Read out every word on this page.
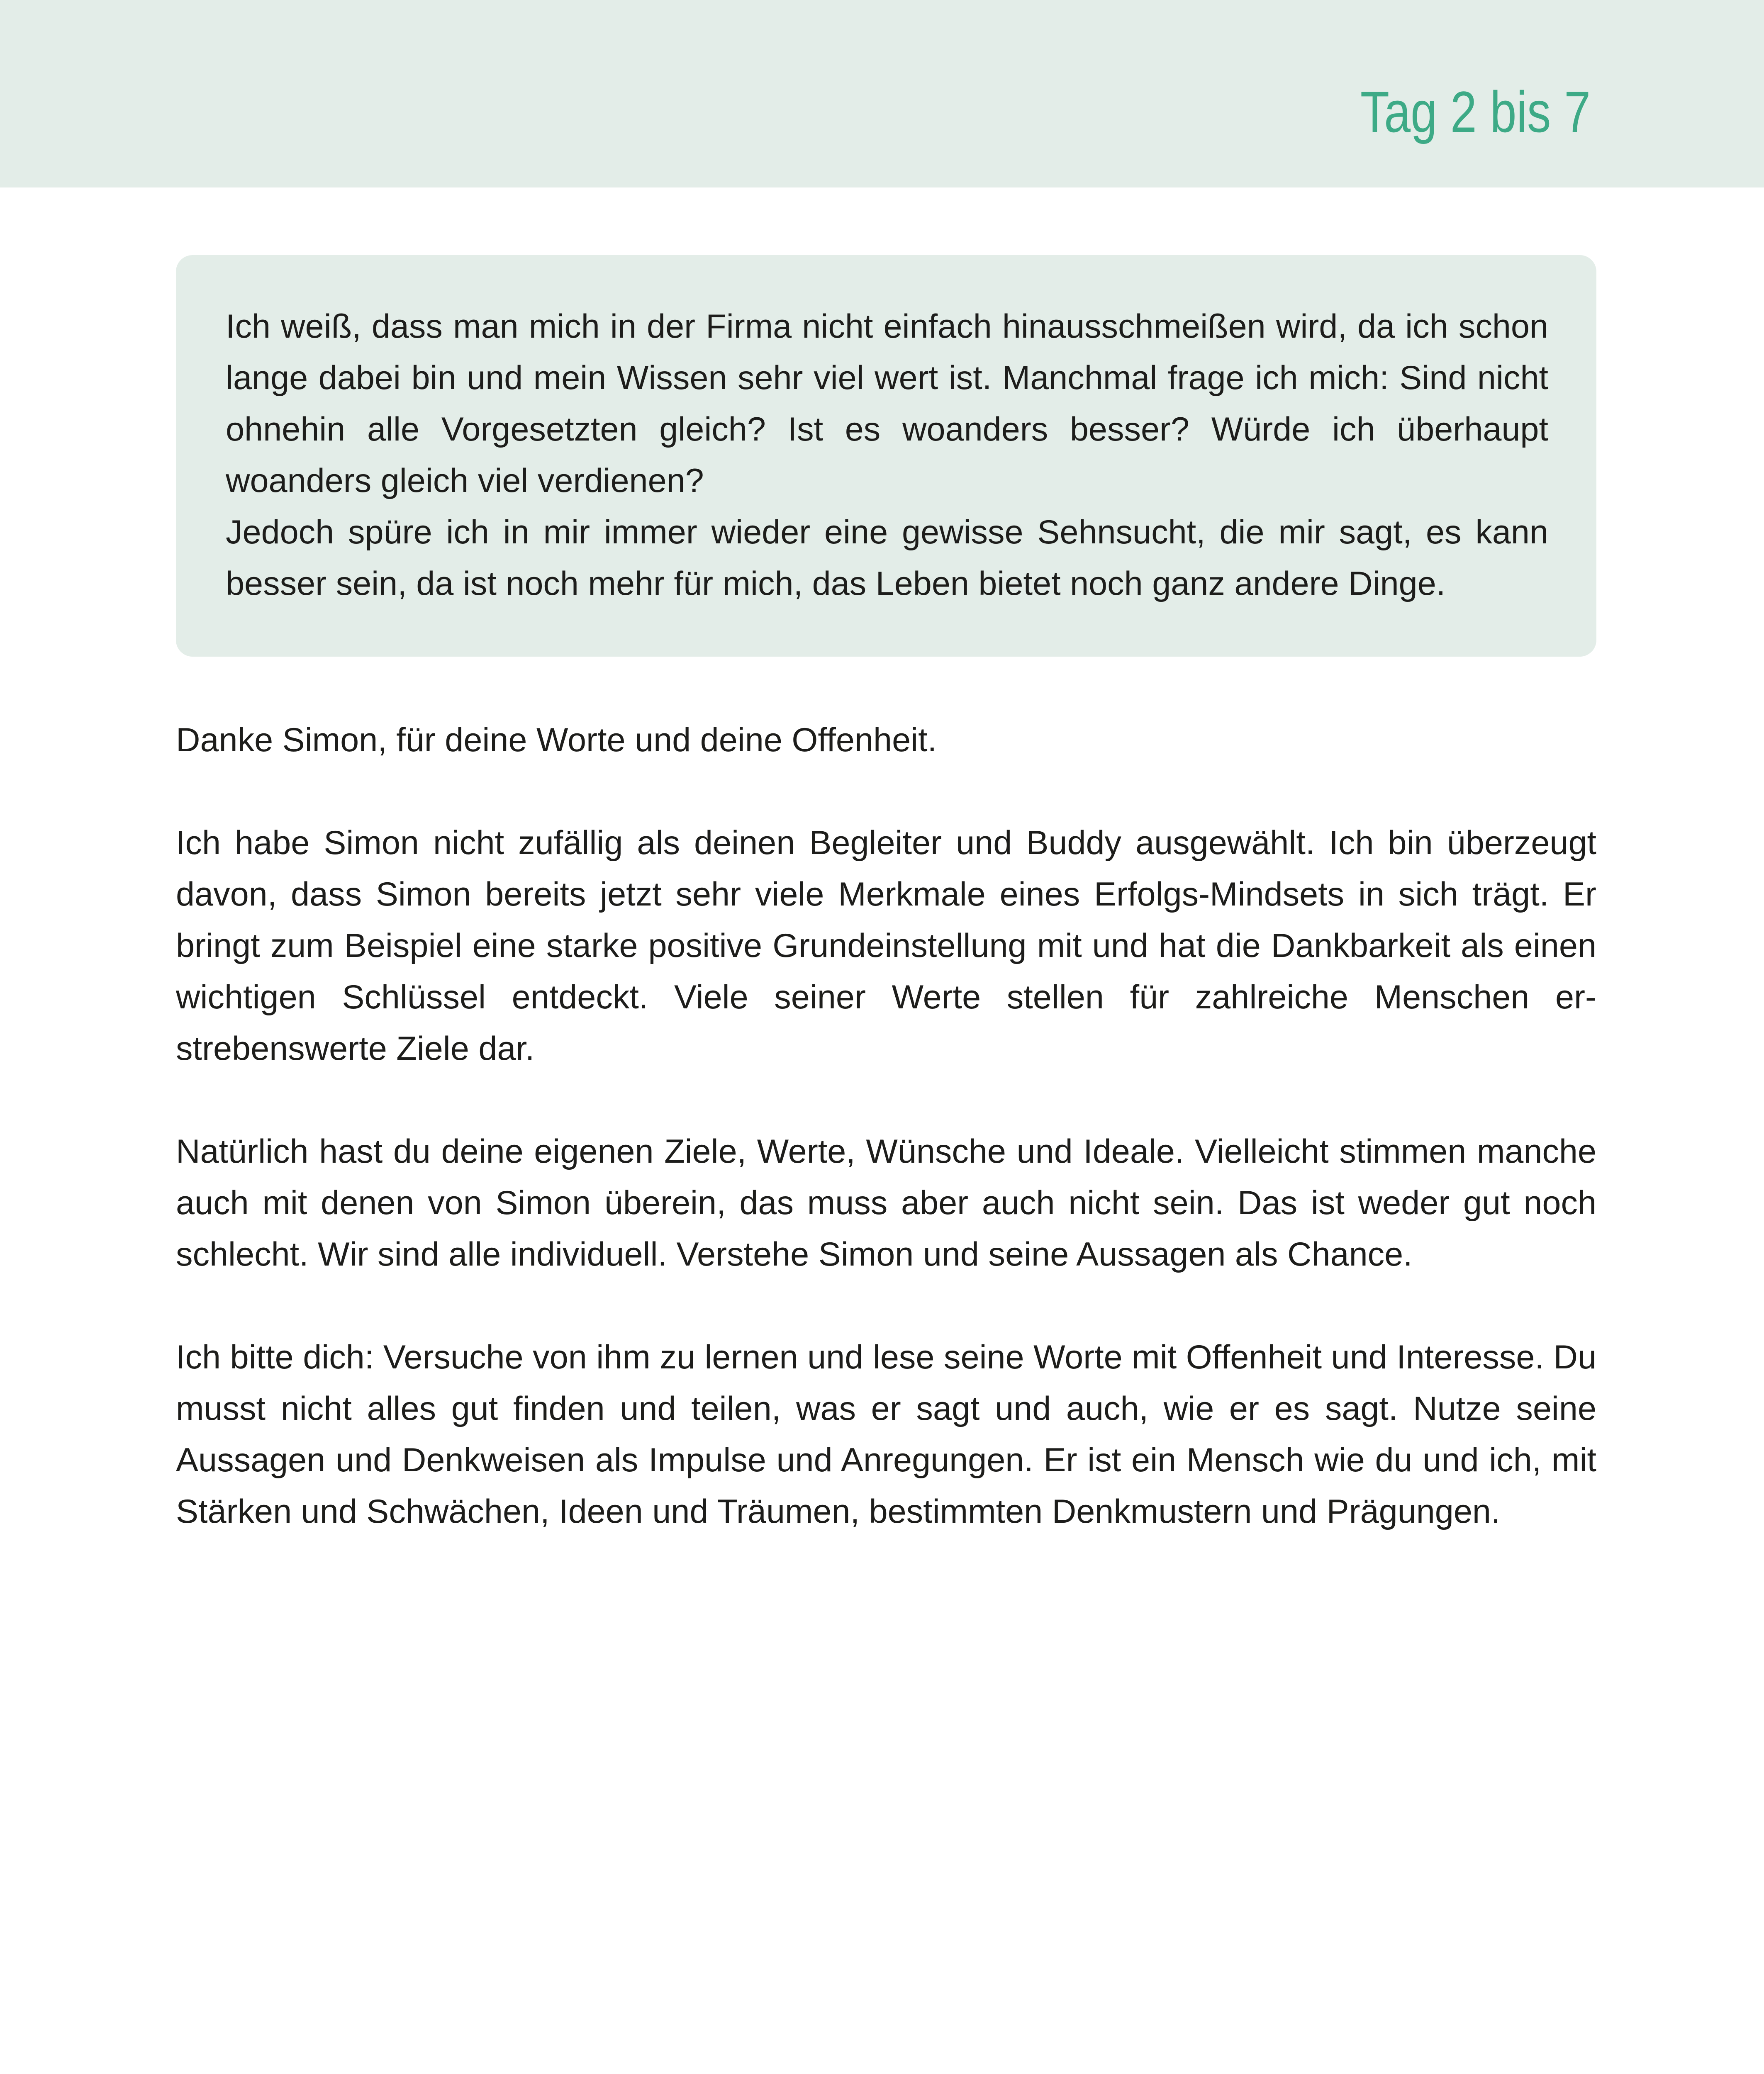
Tag 2 bis 7

Ich weiß, dass man mich in der Firma nicht einfach hinausschmeißen wird, da ich schon lange dabei bin und mein Wissen sehr viel wert ist. Manchmal frage ich mich: Sind nicht ohnehin alle Vorgesetzten gleich? Ist es woanders besser? Würde ich überhaupt woanders gleich viel verdienen?

Jedoch spüre ich in mir immer wieder eine gewisse Sehnsucht, die mir sagt, es kann besser sein, da ist noch mehr für mich, das Leben bietet noch ganz andere Dinge.

Danke Simon, für deine Worte und deine Offenheit.

Ich habe Simon nicht zufällig als deinen Begleiter und Buddy ausgewählt. Ich bin überzeugt davon, dass Simon bereits jetzt sehr viele Merkmale eines Erfolgs-Mindsets in sich trägt. Er bringt zum Beispiel eine starke positive Grundeinstellung mit und hat die Dankbarkeit als einen wichtigen Schlüssel entdeckt. Viele seiner Werte stellen für zahlreiche Menschen erstrebenswerte Ziele dar.

Natürlich hast du deine eigenen Ziele, Werte, Wünsche und Ideale. Vielleicht stimmen manche auch mit denen von Simon überein, das muss aber auch nicht sein. Das ist weder gut noch schlecht. Wir sind alle individuell. Verstehe Simon und seine Aussagen als Chance.

Ich bitte dich: Versuche von ihm zu lernen und lese seine Worte mit Offenheit und Interesse. Du musst nicht alles gut finden und teilen, was er sagt und auch, wie er es sagt. Nutze seine Aussagen und Denkweisen als Impulse und Anregungen. Er ist ein Mensch wie du und ich, mit Stärken und Schwächen, Ideen und Träumen, bestimmten Denkmustern und Prägungen.
